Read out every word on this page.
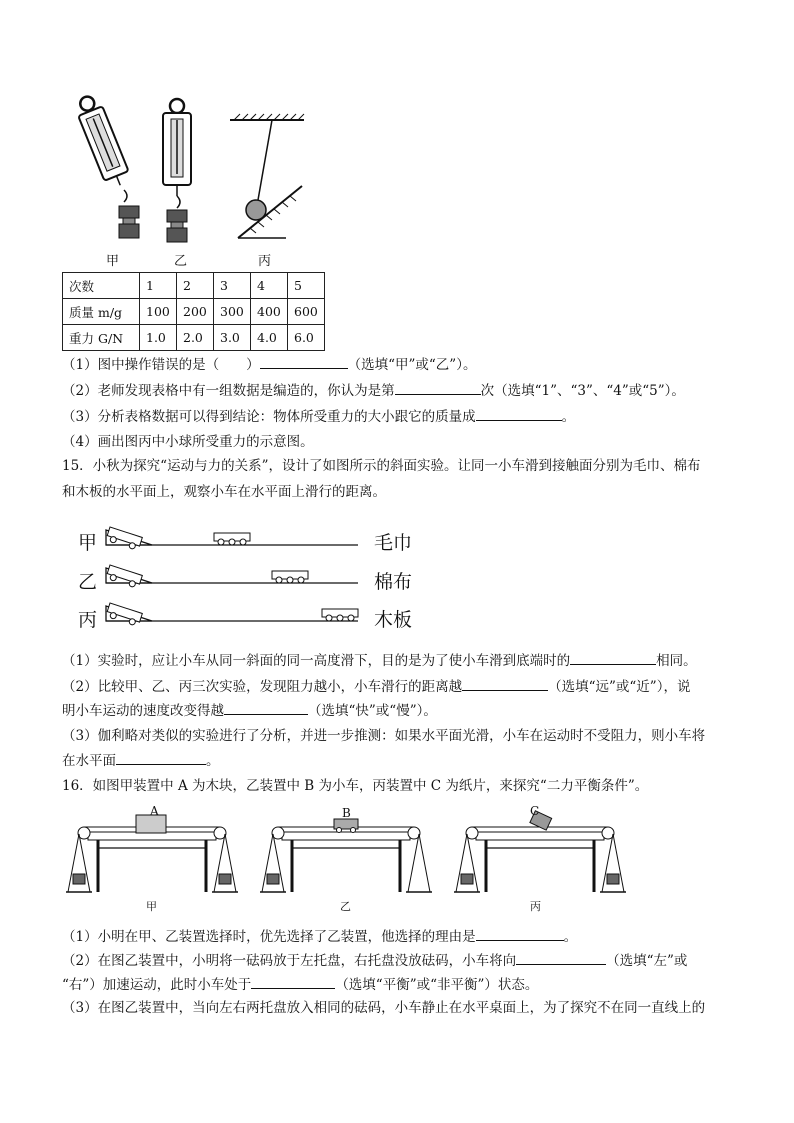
甲	乙	丙
次数	1	2	3	4	5
质量 m/g	100	200	300	400	600
重力 G/N	1.0	2.0	3.0	4.0	6.0
（1）图中操作错误的是（　　）	（选填“甲”或“乙”）。
（2）老师发现表格中有一组数据是编造的，你认为是第	次（选填“1”、“3”、“4”或“5”）。
（3）分析表格数据可以得到结论：物体所受重力的大小跟它的质量成	。
（4）画出图丙中小球所受重力的示意图。
15．小秋为探究“运动与力的关系”，设计了如图所示的斜面实验。让同一小车滑到接触面分别为毛巾、棉布
和木板的水平面上，观察小车在水平面上滑行的距离。
甲
乙
丙
毛巾
棉布
木板
（1）实验时，应让小车从同一斜面的同一高度滑下，目的是为了使小车滑到底端时的	相同。
（2）比较甲、乙、丙三次实验，发现阻力越小，小车滑行的距离越	（选填“远”或“近”），说
明小车运动的速度改变得越	（选填“快”或“慢”）。
（3）伽利略对类似的实验进行了分析，并进一步推测：如果水平面光滑，小车在运动时不受阻力，则小车将
在水平面	。
16．如图甲装置中 A 为木块，乙装置中 B 为小车，丙装置中 C 为纸片，来探究“二力平衡条件”。
A	B	C
甲	乙	丙
（1）小明在甲、乙装置选择时，优先选择了乙装置，他选择的理由是	。
（2）在图乙装置中，小明将一砝码放于左托盘，右托盘没放砝码，小车将向	（选填“左”或
“右”）加速运动，此时小车处于	（选填“平衡”或“非平衡”）状态。
（3）在图乙装置中，当向左右两托盘放入相同的砝码，小车静止在水平桌面上，为了探究不在同一直线上的
